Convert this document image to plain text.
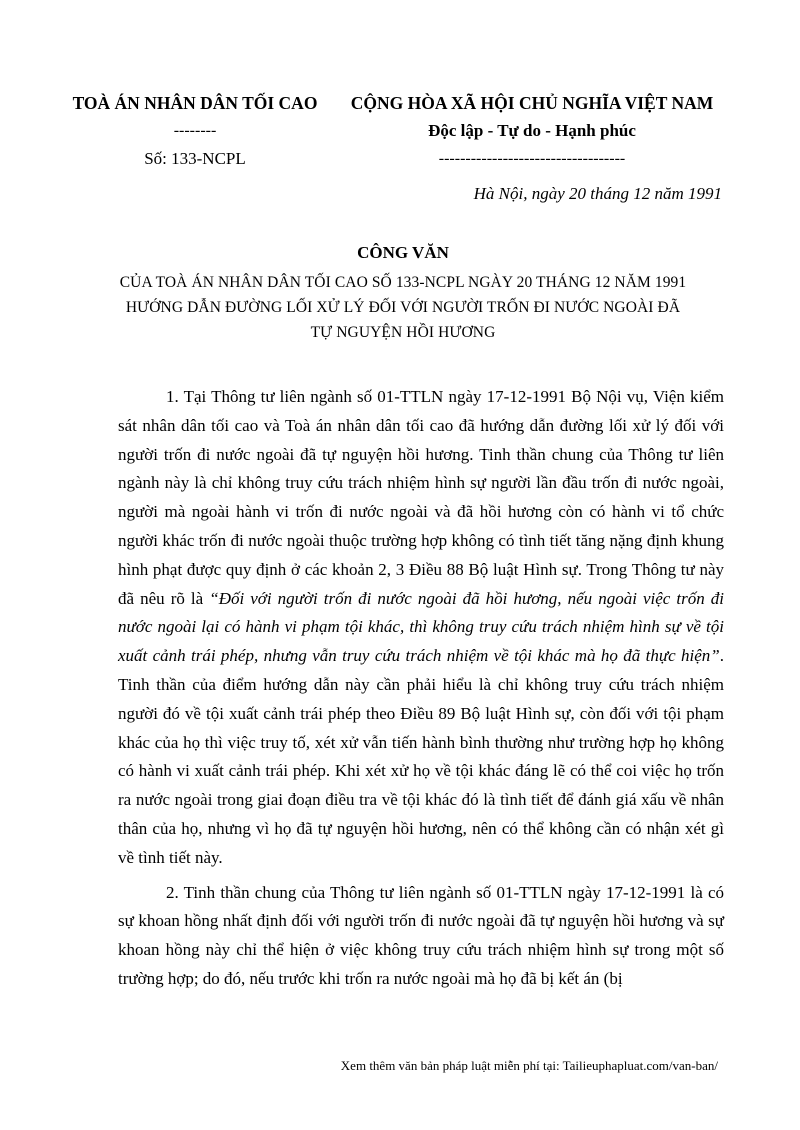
TOÀ ÁN NHÂN DÂN TỐI CAO
--------
Số: 133-NCPL
CỘNG HÒA XÃ HỘI CHỦ NGHĨA VIỆT NAM
Độc lập - Tự do - Hạnh phúc
-----------------------------------
Hà Nội, ngày 20 tháng 12 năm 1991
CÔNG VĂN
CỦA TOÀ ÁN NHÂN DÂN TỐI CAO SỐ 133-NCPL NGÀY 20 THÁNG 12 NĂM 1991
HƯỚNG DẪN ĐƯỜNG LỐI XỬ LÝ ĐỐI VỚI NGƯỜI TRỐN ĐI NƯỚC NGOÀI ĐÃ
TỰ NGUYỆN HỒI HƯƠNG

1. Tại Thông tư liên ngành số 01-TTLN ngày 17-12-1991 Bộ Nội vụ, Viện kiểm sát nhân dân tối cao và Toà án nhân dân tối cao đã hướng dẫn đường lối xử lý đối với người trốn đi nước ngoài đã tự nguyện hồi hương. Tinh thần chung của Thông tư liên ngành này là chỉ không truy cứu trách nhiệm hình sự người lần đầu trốn đi nước ngoài, người mà ngoài hành vi trốn đi nước ngoài và đã hồi hương còn có hành vi tổ chức người khác trốn đi nước ngoài thuộc trường hợp không có tình tiết tăng nặng định khung hình phạt được quy định ở các khoản 2, 3 Điều 88 Bộ luật Hình sự. Trong Thông tư này đã nêu rõ là “Đối với người trốn đi nước ngoài đã hồi hương, nếu ngoài việc trốn đi nước ngoài lại có hành vi phạm tội khác, thì không truy cứu trách nhiệm hình sự về tội xuất cảnh trái phép, nhưng vẫn truy cứu trách nhiệm về tội khác mà họ đã thực hiện”. Tinh thần của điểm hướng dẫn này cần phải hiểu là chỉ không truy cứu trách nhiệm người đó về tội xuất cảnh trái phép theo Điều 89 Bộ luật Hình sự, còn đối với tội phạm khác của họ thì việc truy tố, xét xử vẫn tiến hành bình thường như trường hợp họ không có hành vi xuất cảnh trái phép. Khi xét xử họ về tội khác đáng lẽ có thể coi việc họ trốn ra nước ngoài trong giai đoạn điều tra về tội khác đó là tình tiết để đánh giá xấu về nhân thân của họ, nhưng vì họ đã tự nguyện hồi hương, nên có thể không cần có nhận xét gì về tình tiết này.

2. Tinh thần chung của Thông tư liên ngành số 01-TTLN ngày 17-12-1991 là có sự khoan hồng nhất định đối với người trốn đi nước ngoài đã tự nguyện hồi hương và sự khoan hồng này chỉ thể hiện ở việc không truy cứu trách nhiệm hình sự trong một số trường hợp; do đó, nếu trước khi trốn ra nước ngoài mà họ đã bị kết án (bị

Xem thêm văn bản pháp luật miễn phí tại: Tailieuphapluat.com/van-ban/
